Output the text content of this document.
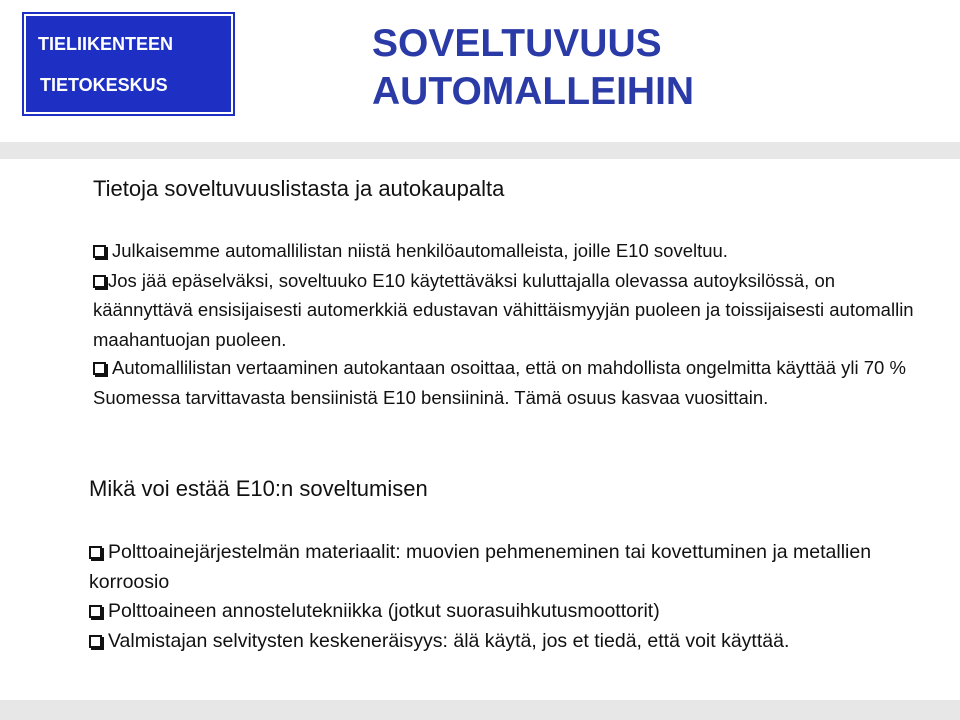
TIELIIKENTEEN
TIETOKESKUS
SOVELTUVUUS
AUTOMALLEIHIN
Tietoja soveltuvuuslistasta ja autokaupalta
Julkaisemme automallilistan niistä henkilöautomalleista, joille E10 soveltuu.
Jos jää epäselväksi, soveltuuko E10 käytettäväksi kuluttajalla olevassa autoyksilössä, on käännyttävä ensisijaisesti automerkkiä edustavan vähittäismyyjän puoleen ja toissijaisesti automallin maahantuojan puoleen.
Automallilistan vertaaminen autokantaan osoittaa, että on mahdollista ongelmitta käyttää yli 70 % Suomessa tarvittavasta bensiinistä E10 bensiininä. Tämä osuus kasvaa vuosittain.
Mikä voi estää E10:n soveltumisen
Polttoainejärjestelmän materiaalit: muovien pehmeneminen tai kovettuminen ja metallien korroosio
Polttoaineen annostelutekniikka (jotkut suorasuihkutusmoottorit)
Valmistajan selvitysten keskeneräisyys: älä käytä, jos et tiedä, että voit käyttää.
